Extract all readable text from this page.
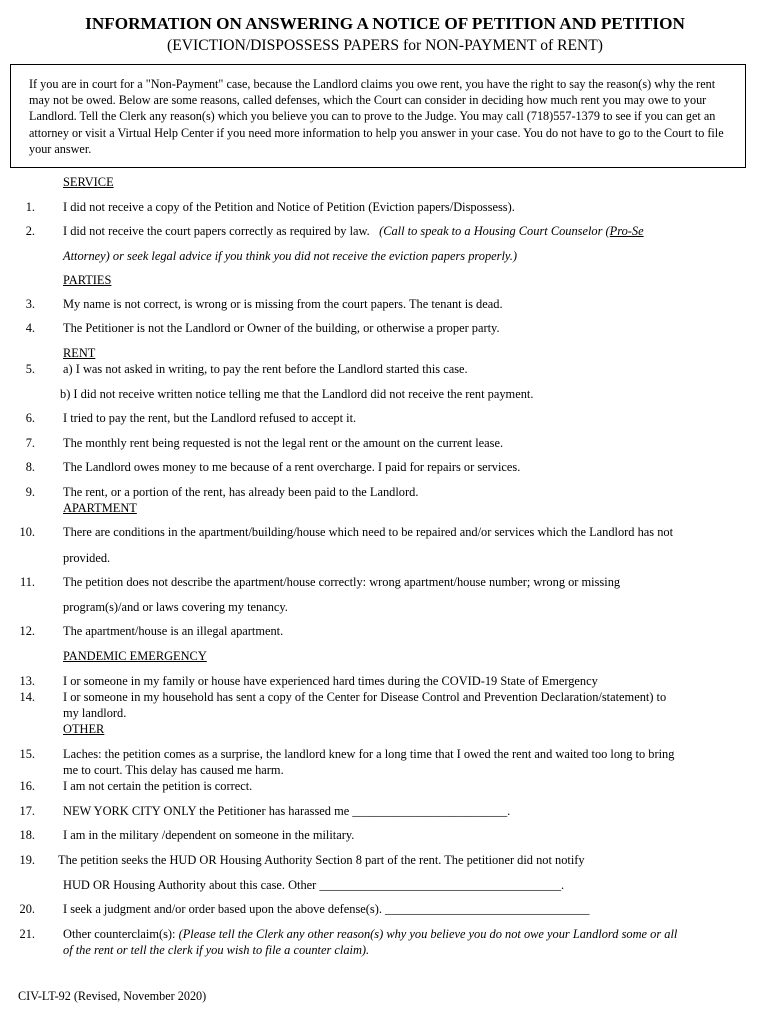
INFORMATION ON ANSWERING A NOTICE OF PETITION AND PETITION
(EVICTION/DISPOSSESS PAPERS for NON-PAYMENT of RENT)
If you are in court for a "Non-Payment" case, because the Landlord claims you owe rent, you have the right to say the reason(s) why the rent may not be owed. Below are some reasons, called defenses, which the Court can consider in deciding how much rent you may owe to your Landlord. Tell the Clerk any reason(s) which you believe you can to prove to the Judge. You may call (718)557-1379 to see if you can get an attorney or visit a Virtual Help Center if you need more information to help you answer in your case. You do not have to go to the Court to file your answer.
SERVICE
1. I did not receive a copy of the Petition and Notice of Petition (Eviction papers/Dispossess).
2. I did not receive the court papers correctly as required by law. (Call to speak to a Housing Court Counselor (Pro-Se
Attorney) or seek legal advice if you think you did not receive the eviction papers properly.)
PARTIES
3. My name is not correct, is wrong or is missing from the court papers. The tenant is dead.
4. The Petitioner is not the Landlord or Owner of the building, or otherwise a proper party.
RENT
5. a) I was not asked in writing, to pay the rent before the Landlord started this case.
b) I did not receive written notice telling me that the Landlord did not receive the rent payment.
6. I tried to pay the rent, but the Landlord refused to accept it.
7. The monthly rent being requested is not the legal rent or the amount on the current lease.
8. The Landlord owes money to me because of a rent overcharge. I paid for repairs or services.
9. The rent, or a portion of the rent, has already been paid to the Landlord.
APARTMENT
10. There are conditions in the apartment/building/house which need to be repaired and/or services which the Landlord has not
provided.
11. The petition does not describe the apartment/house correctly: wrong apartment/house number; wrong or missing
program(s)/and or laws covering my tenancy.
12. The apartment/house is an illegal apartment.
PANDEMIC EMERGENCY
13. I or someone in my family or house have experienced hard times during the COVID-19 State of Emergency
14. I or someone in my household has sent a copy of the Center for Disease Control and Prevention Declaration/statement) to
my landlord.
OTHER
15. Laches: the petition comes as a surprise, the landlord knew for a long time that I owed the rent and waited too long to bring
me to court. This delay has caused me harm.
16. I am not certain the petition is correct.
17. NEW YORK CITY ONLY the Petitioner has harassed me _________________________.
18. I am in the military /dependent on someone in the military.
19. The petition seeks the HUD OR Housing Authority Section 8 part of the rent. The petitioner did not notify
HUD OR Housing Authority about this case. Other _______________________________________.
20. I seek a judgment and/or order based upon the above defense(s). _________________________________
21. Other counterclaim(s): (Please tell the Clerk any other reason(s) why you believe you do not owe your Landlord some or all
of the rent or tell the clerk if you wish to file a counter claim).
CIV-LT-92 (Revised, November 2020)
